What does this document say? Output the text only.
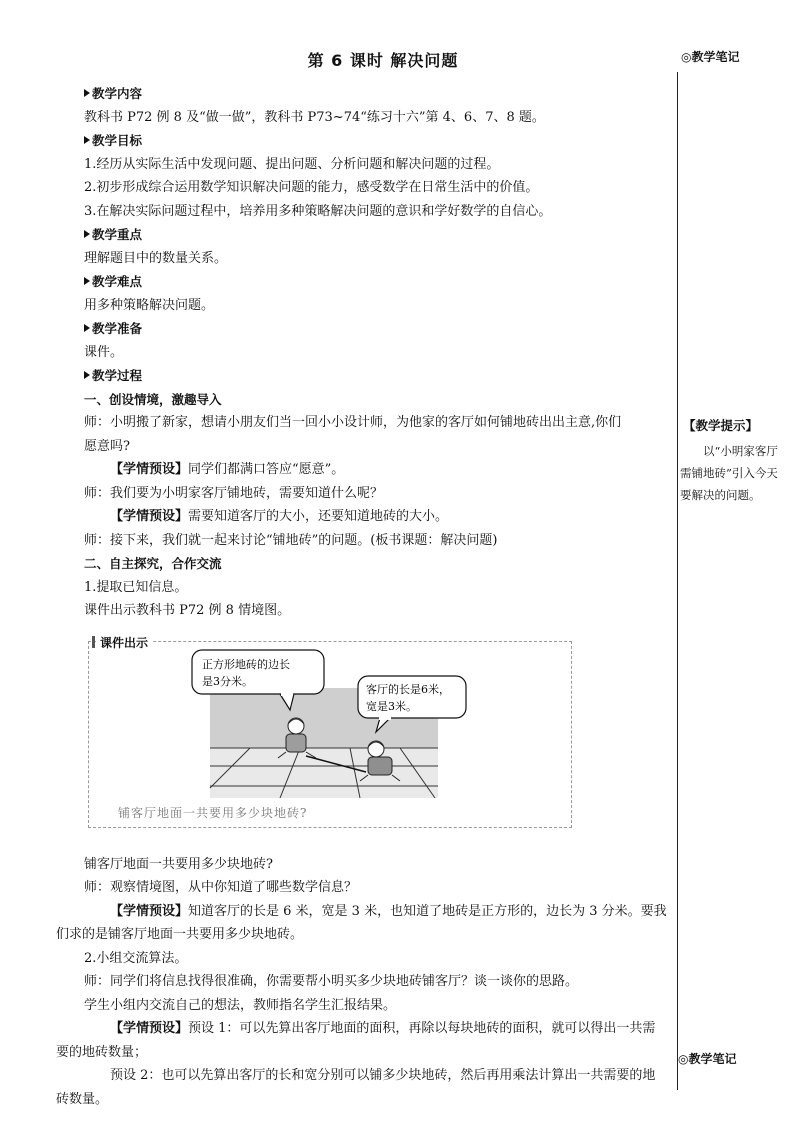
第 6 课时 解决问题	◎教学笔记
◎教学笔记
【教学提示】

以“小明家客厅需铺地砖”引入今天要解决的问题。

教学内容

教科书 P72 例 8 及“做一做”，教科书 P73~74“练习十六”第 4、6、7、8 题。

教学目标

1.经历从实际生活中发现问题、提出问题、分析问题和解决问题的过程。

2.初步形成综合运用数学知识解决问题的能力，感受数学在日常生活中的价值。

3.在解决实际问题过程中，培养用多种策略解决问题的意识和学好数学的自信心。

教学重点

理解题目中的数量关系。

教学难点

用多种策略解决问题。

教学准备

课件。

教学过程

一、创设情境，激趣导入

师：小明搬了新家，想请小朋友们当一回小小设计师，为他家的客厅如何铺地砖出出主意,你们

愿意吗?

【学情预设】同学们都满口答应“愿意”。

师：我们要为小明家客厅铺地砖，需要知道什么呢？

【学情预设】需要知道客厅的大小，还要知道地砖的大小。

师：接下来，我们就一起来讨论“铺地砖”的问题。(板书课题：解决问题)

二、自主探究，合作交流

1.提取已知信息。

课件出示教科书 P72 例 8 情境图。

铺客厅地面一共要用多少块地砖?

师：观察情境图，从中你知道了哪些数学信息？

【学情预设】知道客厅的长是 6 米，宽是 3 米，也知道了地砖是正方形的，边长为 3 分米。要我

们求的是铺客厅地面一共要用多少块地砖。

2.小组交流算法。

师：同学们将信息找得很准确，你需要帮小明买多少块地砖铺客厅？谈一谈你的思路。

学生小组内交流自己的想法，教师指名学生汇报结果。

【学情预设】预设 1：可以先算出客厅地面的面积，再除以每块地砖的面积，就可以得出一共需

要的地砖数量；

预设 2：也可以先算出客厅的长和宽分别可以铺多少块地砖，然后再用乘法计算出一共需要的地

砖数量。

课件出示
正方形地砖的边长
是3分米。
客厅的长是6米，
宽是3米。
铺客厅地面一共要用多少块地砖?
